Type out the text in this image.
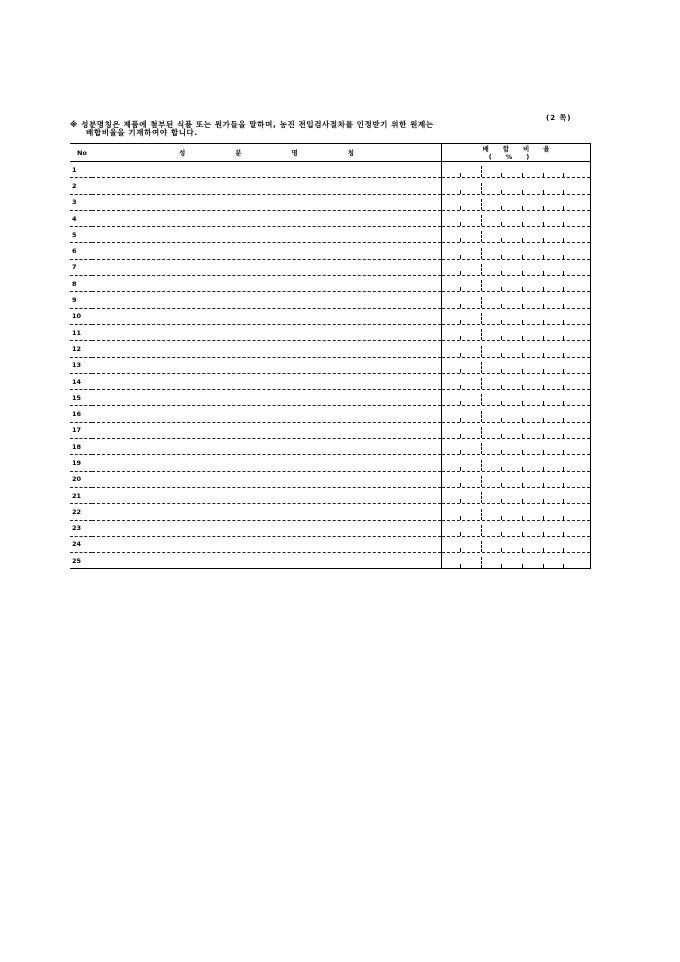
(2 쪽)
※ 성분명칭은 제품에 첨부된 식품 또는 원가들을 말하며, 농진 전입검사절차를 인정받기 위한 원제는
배합비율을 기재하여야 합니다.
No	성분명칭	배합비율(%)
1		

2		

3		

4		

5		

6		

7		

8		

9		

10		

11		

12		

13		

14		

15		

16		

17		

18		

19		

20		

21		

22		

23		

24		

25		
